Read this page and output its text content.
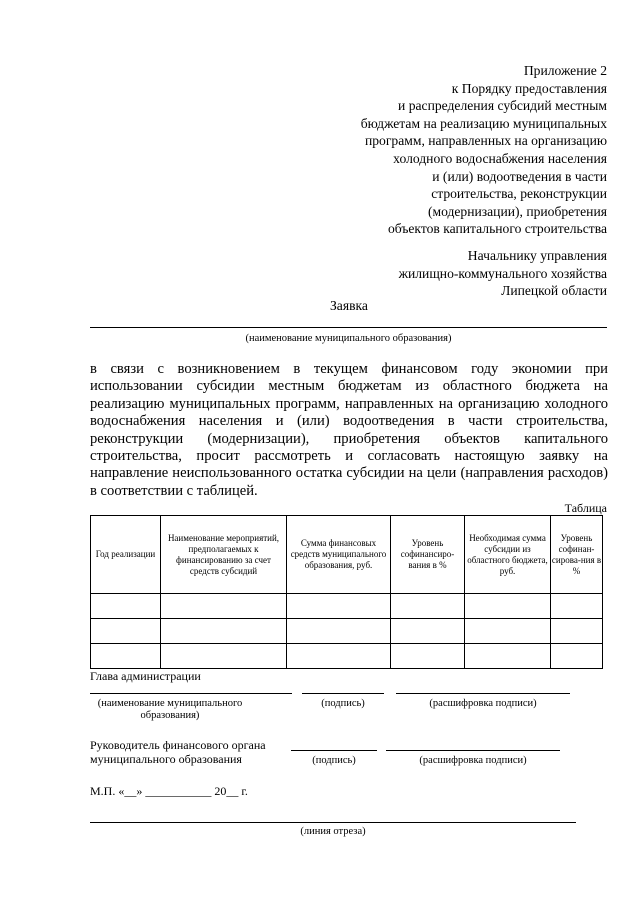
Приложение 2
к Порядку предоставления
и распределения субсидий местным
бюджетам на реализацию муниципальных
программ, направленных на организацию
холодного водоснабжения населения
и (или) водоотведения в части
строительства, реконструкции
(модернизации), приобретения
объектов капитального строительства
Начальнику управления
жилищно-коммунального хозяйства
Липецкой области
Заявка
(наименование муниципального образования)
в связи с возникновением в текущем финансовом году экономии при использовании субсидии местным бюджетам из областного бюджета на реализацию муниципальных программ, направленных на организацию холодного водоснабжения населения и (или) водоотведения в части строительства, реконструкции (модернизации), приобретения объектов капитального строительства, просит рассмотреть и согласовать настоящую заявку на направление неиспользованного остатка субсидии на цели (направления расходов) в соответствии с таблицей.
Таблица
Год реализации	Наименование мероприятий, предполагаемых к финансированию за счет средств субсидий	Сумма финансовых средств муниципального образования, руб.	Уровень софинансиро-вания в %	Необходимая сумма субсидии из областного бюджета, руб.	Уровень софинан-сирова-ния в %

Глава администрации
(наименование муниципального образования)
(подпись)	(расшифровка подписи)
Руководитель финансового органа
муниципального образования	(подпись)	(расшифровка подписи)
М.П. «__» ___________ 20__ г.
(линия отреза)
